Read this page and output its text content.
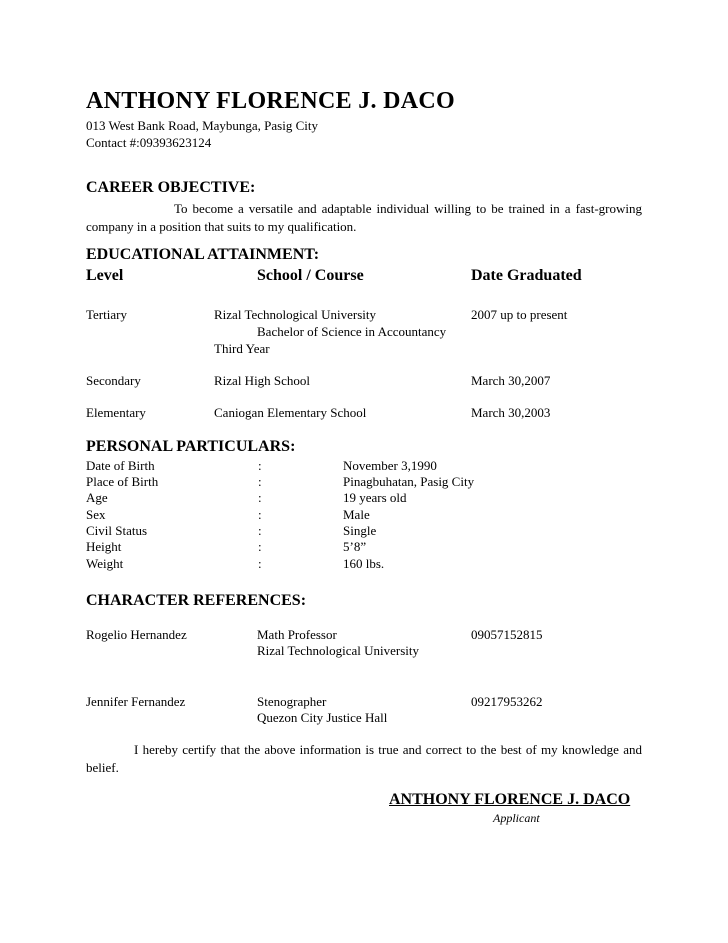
ANTHONY FLORENCE J. DACO
013 West Bank Road, Maybunga, Pasig City
Contact #:09393623124
CAREER OBJECTIVE:
To become a versatile and adaptable individual willing to be trained in a fast-growing company in a position that suits to my qualification.
EDUCATIONAL ATTAINMENT:
Level	School / Course	Date Graduated
Tertiary	Rizal Technological University	2007 up to present
Bachelor of Science in Accountancy
Third Year
Secondary	Rizal High School	March 30,2007
Elementary	Caniogan Elementary School	March 30,2003
PERSONAL PARTICULARS:
Date of Birth	:	November 3,1990
Place of Birth	:	Pinagbuhatan, Pasig City
Age	:	19 years old
Sex	:	Male
Civil Status	:	Single
Height	:	5’8”
Weight	:	160 lbs.
CHARACTER REFERENCES:
Rogelio Hernandez	Math Professor	09057152815
Rizal Technological University
Jennifer Fernandez	Stenographer	09217953262
Quezon City Justice Hall
I hereby certify that the above information is true and correct to the best of my knowledge and belief.
ANTHONY FLORENCE J. DACO
Applicant
